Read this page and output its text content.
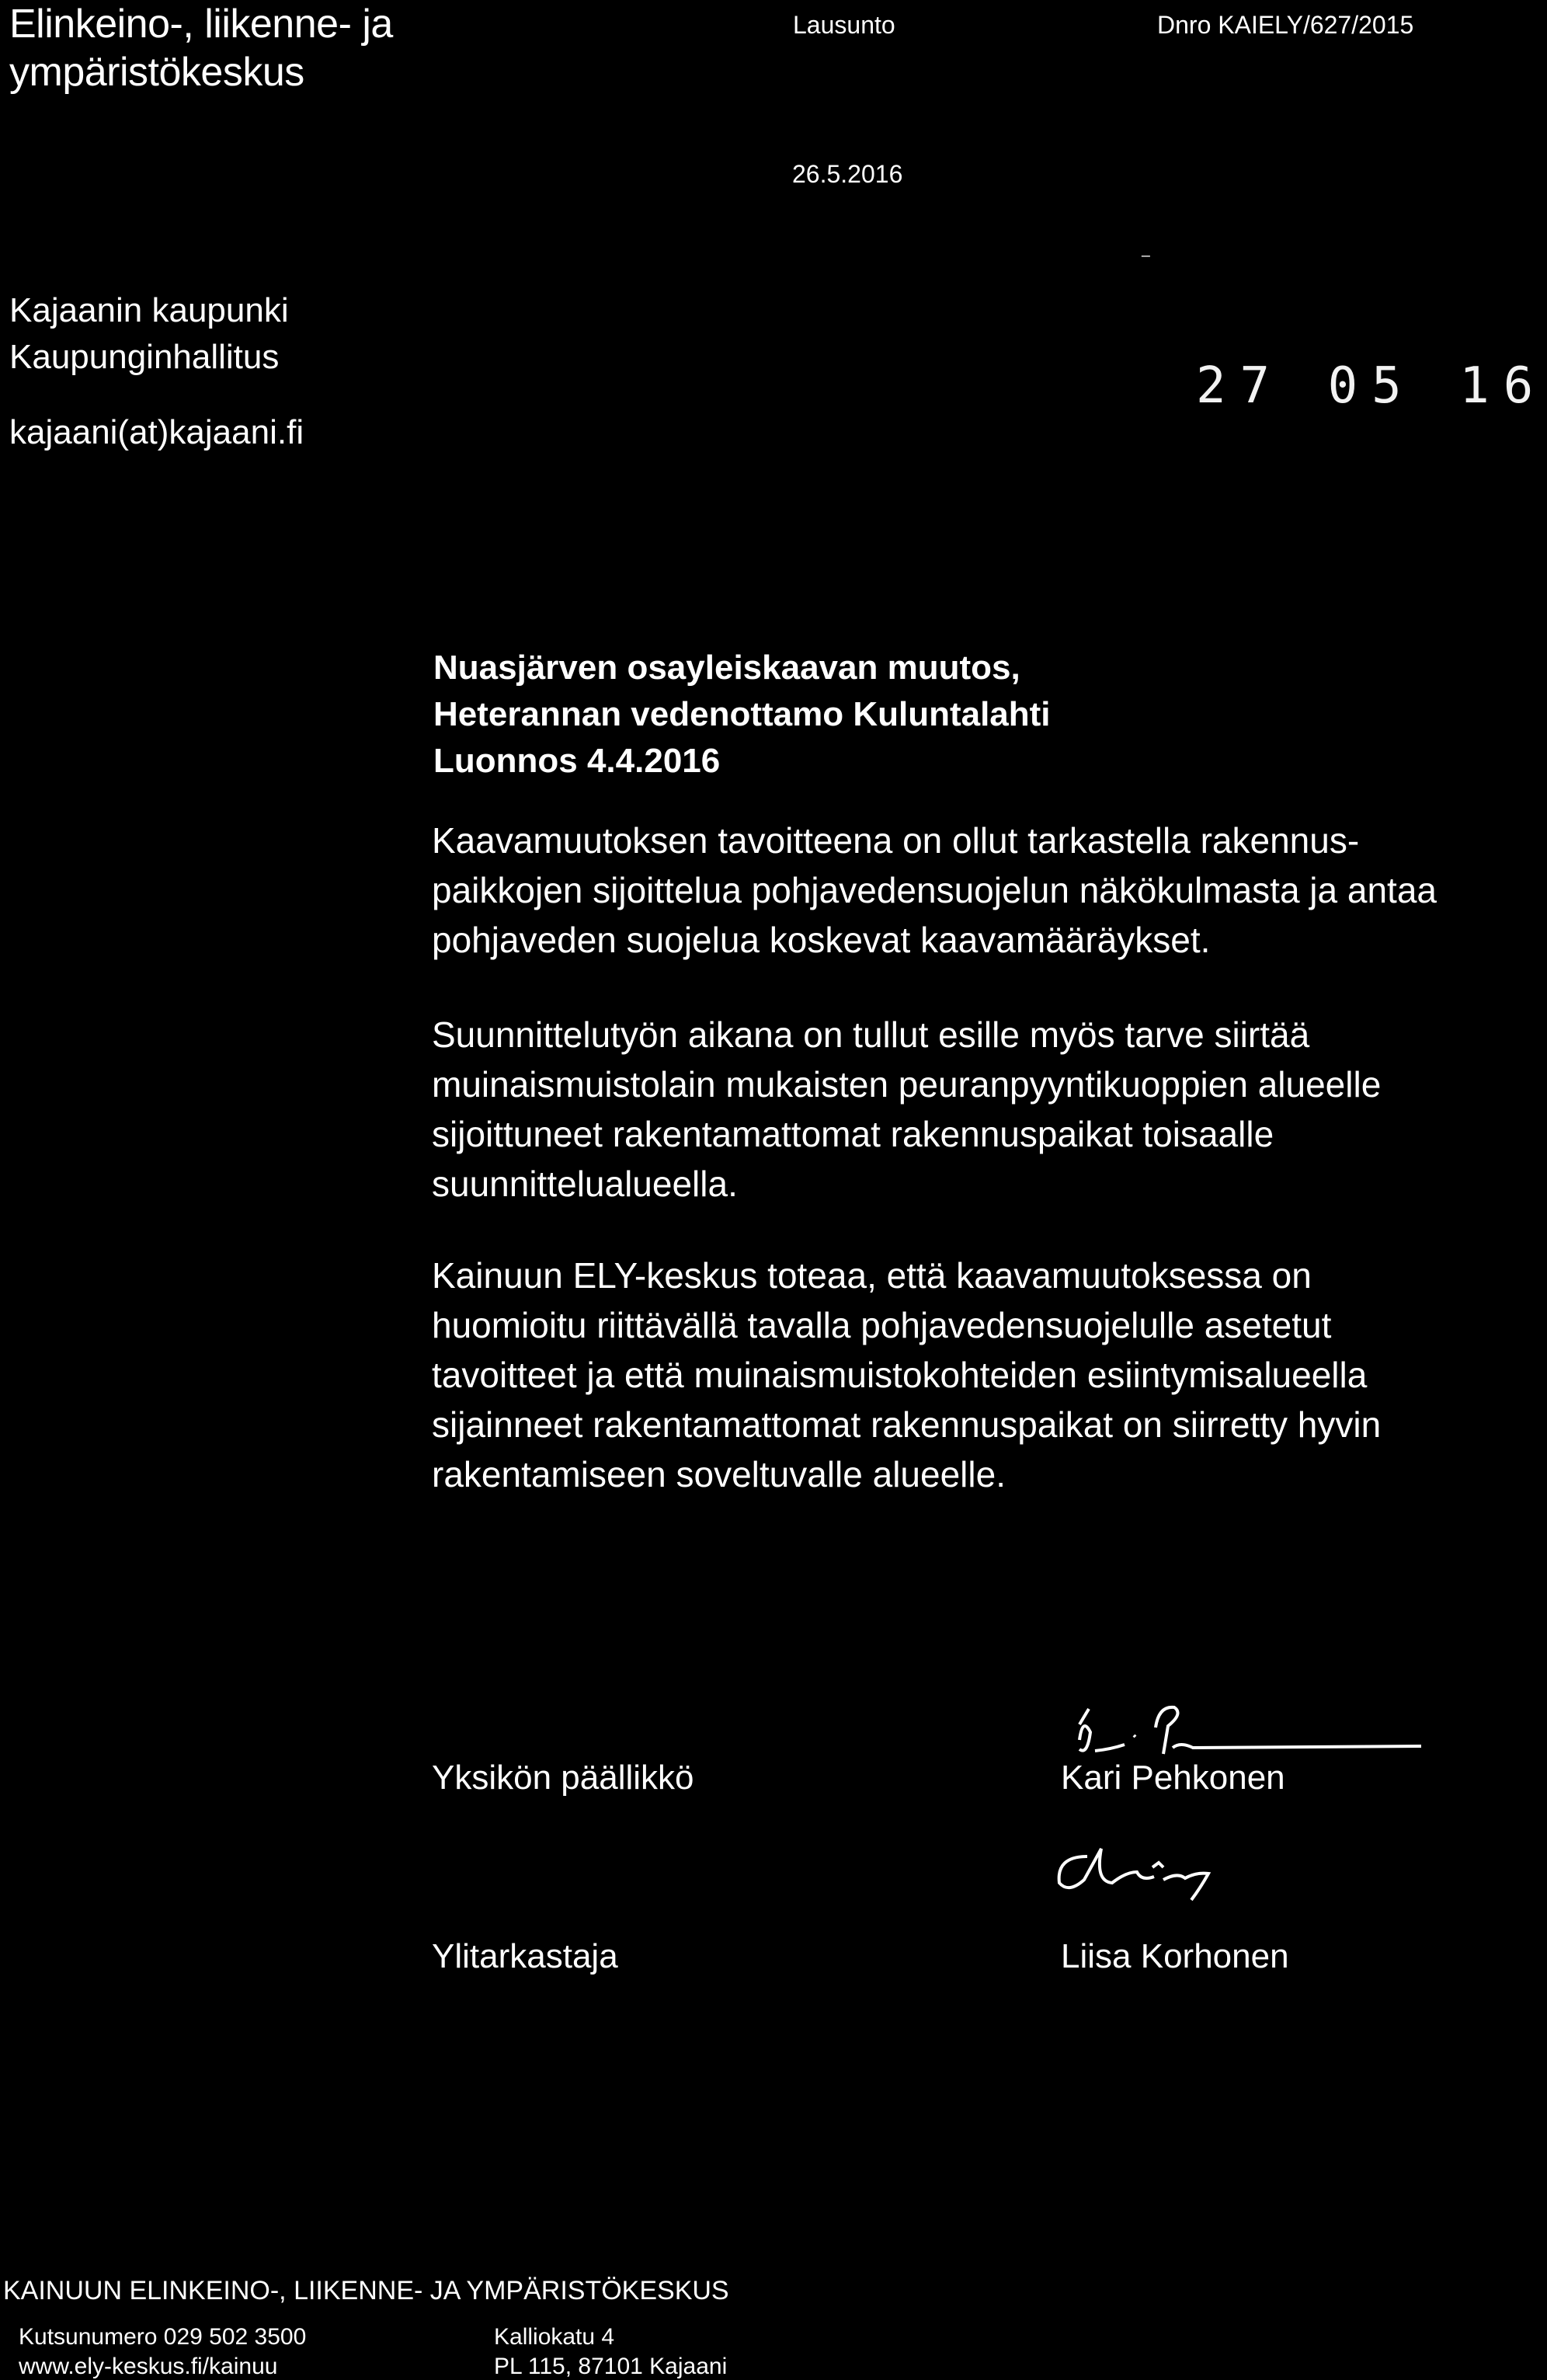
Elinkeino-, liikenne- ja
ympäristökeskus
Lausunto	Dnro KAIELY/627/2015
26.5.2016
⁻
Kajaanin kaupunki
Kaupunginhallitus
kajaani(at)kajaani.fi
27 05 16
Nuasjärven osayleiskaavan muutos,
Heterannan vedenottamo Kuluntalahti
Luonnos 4.4.2016
Kaavamuutoksen tavoitteena on ollut tarkastella rakennus-paikkojen sijoittelua pohjavedensuojelun näkökulmasta ja antaa pohjaveden suojelua koskevat kaavamääräykset.
Suunnittelutyön aikana on tullut esille myös tarve siirtää muinaismuistolain mukaisten peuranpyyntikuoppien alueelle sijoittuneet rakentamattomat rakennuspaikat toisaalle suunnittelualueella.
Kainuun ELY-keskus toteaa, että kaavamuutoksessa on huomioitu riittävällä tavalla pohjavedensuojelulle asetetut tavoitteet ja että muinaismuistokohteiden esiintymisalueella sijainneet rakentamattomat rakennuspaikat on siirretty hyvin rakentamiseen soveltuvalle alueelle.
Yksikön päällikkö	Kari Pehkonen
Ylitarkastaja	Liisa Korhonen
KAINUUN ELINKEINO-, LIIKENNE- JA YMPÄRISTÖKESKUS
Kutsunumero 029 502 3500	Kalliokatu 4
www.ely-keskus.fi/kainuu	PL 115, 87101 Kajaani
